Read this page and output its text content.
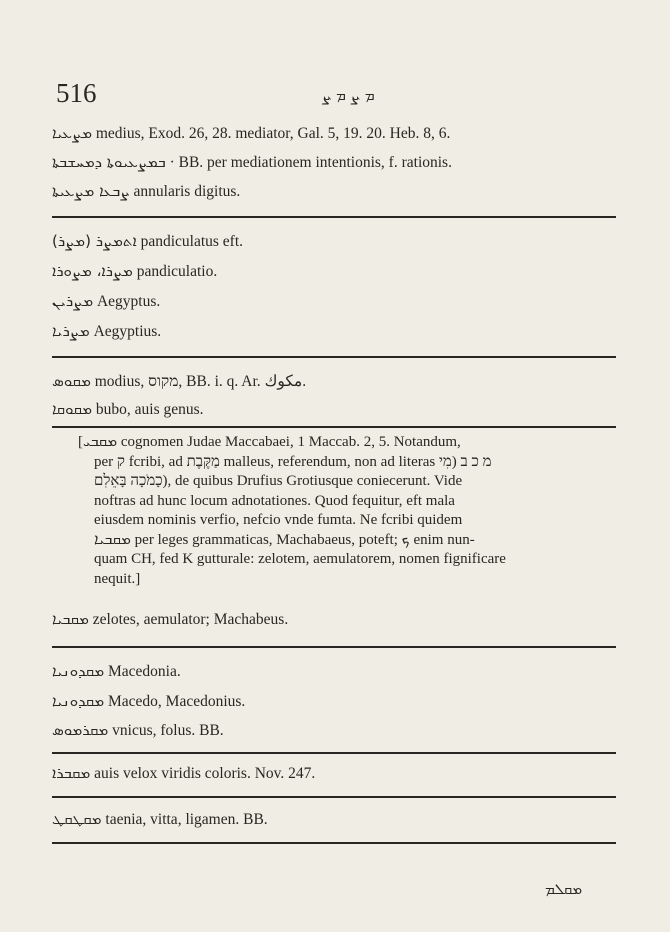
516	ܡ ܨ ܡ ܨ
ܡܨܥܝܐ medius, Exod. 26, 28. mediator, Gal. 5, 19. 20. Heb. 8, 6.
ܒܡܨܥܝܘܬܐ ܕܡܚܫܒܬܐ · BB. per mediationem intentionis, f. rationis.
ܨܒܥܐ ܡܨܥܝܬܐ annularis digitus.
(ܡܨܪ) ܐܬܡܨܪ pandiculatus eft.
ܡܨܪܐ، ܡܨܘܪܐ pandiculatio.
ܡܨܪܝܢ Aegyptus.
ܡܨܪܝܐ Aegyptius.
ܡܩܘܣ modius, מקוס, BB. i. q. Ar. مكوك.
ܡܩܘܩܐ bubo, auis genus.
[ܡܩܒܝ cognomen Judae Maccabaei, 1 Maccab. 2, 5. Notandum,
per ק fcribi, ad מַקֶּבֶת malleus, referendum, non ad literas מ כ ב (מִי
כָמֹכָה בָּאֵלִם), de quibus Drufius Grotiusque coniecerunt. Vide
noftras ad hunc locum adnotationes. Quod fequitur, eft mala
eiusdem nominis verfio, nefcio vnde fumta. Ne fcribi quidem
ܡܩܒܝܐ per leges grammaticas, Machabaeus, poteft; ܟ enim nun-
quam CH, fed K gutturale: zelotem, aemulatorem, nomen fignificare
nequit.]
ܡܩܒܝܐ zelotes, aemulator; Machabeus.
ܡܩܕܘܢܝܐ Macedonia.
ܡܩܕܘܢܝܐ Macedo, Macedonius.
ܡܩܪܡܘܣ vnicus, folus. BB.
ܡܩܒܪܐ auis velox viridis coloris. Nov. 247.
ܡܩܛܩܛ taenia, vitta, ligamen. BB.
ܡܩܠܡ
